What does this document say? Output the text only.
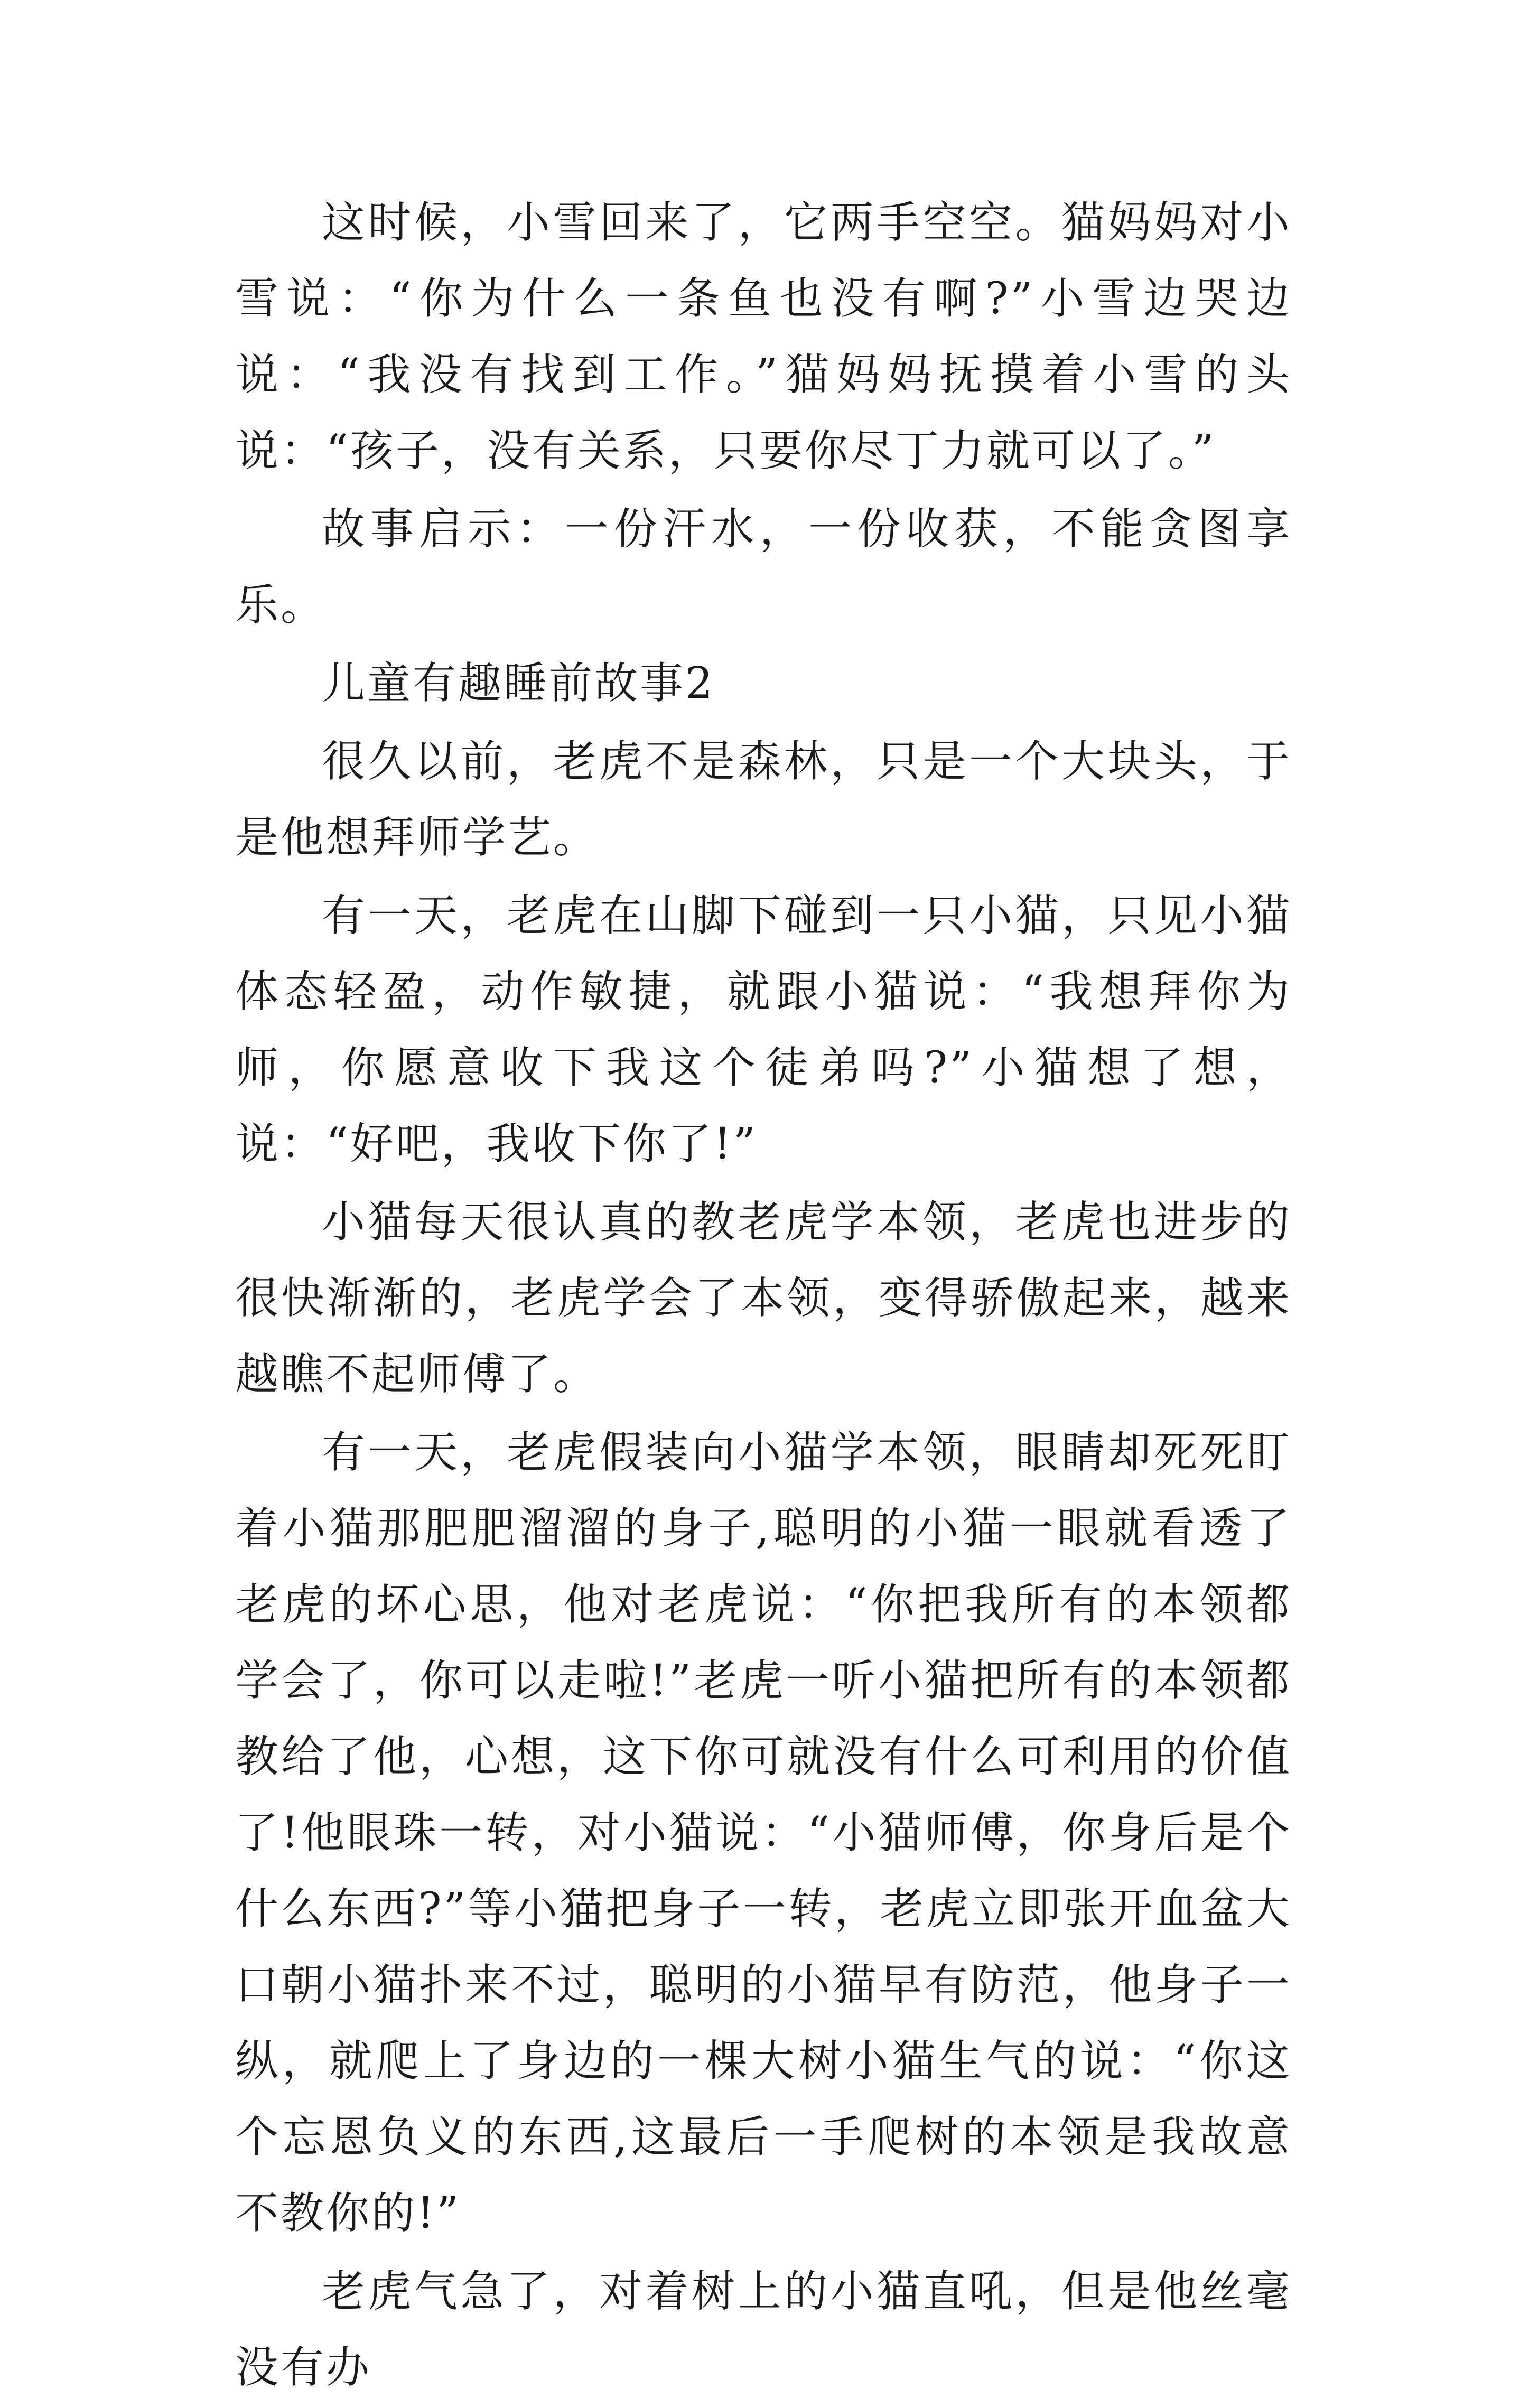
这时候，小雪回来了，它两手空空。猫妈妈对小雪说：“你为什么一条鱼也没有啊?”小雪边哭边说：“我没有找到工作。”猫妈妈抚摸着小雪的头说：“孩子，没有关系，只要你尽丁力就可以了。”

故事启示：一份汗水，一份收获，不能贪图享乐。

儿童有趣睡前故事2

很久以前，老虎不是森林，只是一个大块头，于是他想拜师学艺。

有一天，老虎在山脚下碰到一只小猫，只见小猫体态轻盈，动作敏捷，就跟小猫说：“我想拜你为师，你愿意收下我这个徒弟吗?”小猫想了想，说：“好吧，我收下你了!”

小猫每天很认真的教老虎学本领，老虎也进步的很快渐渐的，老虎学会了本领，变得骄傲起来，越来越瞧不起师傅了。

有一天，老虎假装向小猫学本领，眼睛却死死盯着小猫那肥肥溜溜的身子,聪明的小猫一眼就看透了老虎的坏心思，他对老虎说：“你把我所有的本领都学会了，你可以走啦!”老虎一听小猫把所有的本领都教给了他，心想，这下你可就没有什么可利用的价值了!他眼珠一转，对小猫说：“小猫师傅，你身后是个什么东西?”等小猫把身子一转，老虎立即张开血盆大口朝小猫扑来不过，聪明的小猫早有防范，他身子一纵，就爬上了身边的一棵大树小猫生气的说：“你这个忘恩负义的东西,这最后一手爬树的本领是我故意不教你的!”

老虎气急了，对着树上的小猫直吼，但是他丝毫没有办
